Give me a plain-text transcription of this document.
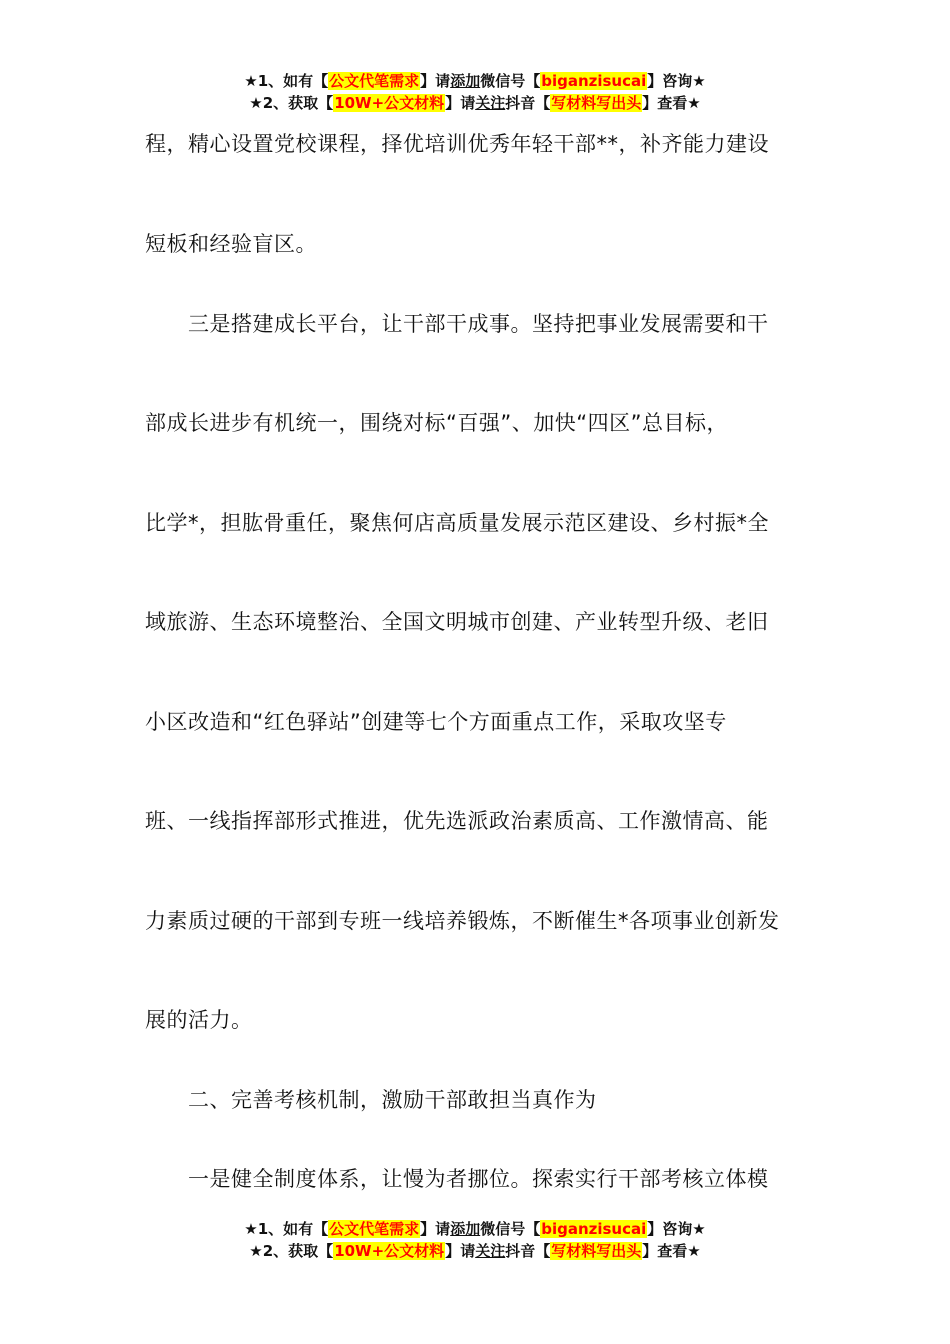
★1、如有【公文代笔需求】请添加微信号【biganzisucai】咨询★
★2、获取【10W+公文材料】请关注抖音【写材料写出头】查看★
程，精心设置党校课程，择优培训优秀年轻干部**，补齐能力建设
短板和经验盲区。
三是搭建成长平台，让干部干成事。坚持把事业发展需要和干
部成长进步有机统一，围绕对标“百强”、加快“四区”总目标，
比学*，担肱骨重任，聚焦何店高质量发展示范区建设、乡村振*全
域旅游、生态环境整治、全国文明城市创建、产业转型升级、老旧
小区改造和“红色驿站”创建等七个方面重点工作，采取攻坚专
班、一线指挥部形式推进，优先选派政治素质高、工作激情高、能
力素质过硬的干部到专班一线培养锻炼，不断催生*各项事业创新发
展的活力。
二、完善考核机制，激励干部敢担当真作为
一是健全制度体系，让慢为者挪位。探索实行干部考核立体模
★1、如有【公文代笔需求】请添加微信号【biganzisucai】咨询★
★2、获取【10W+公文材料】请关注抖音【写材料写出头】查看★
